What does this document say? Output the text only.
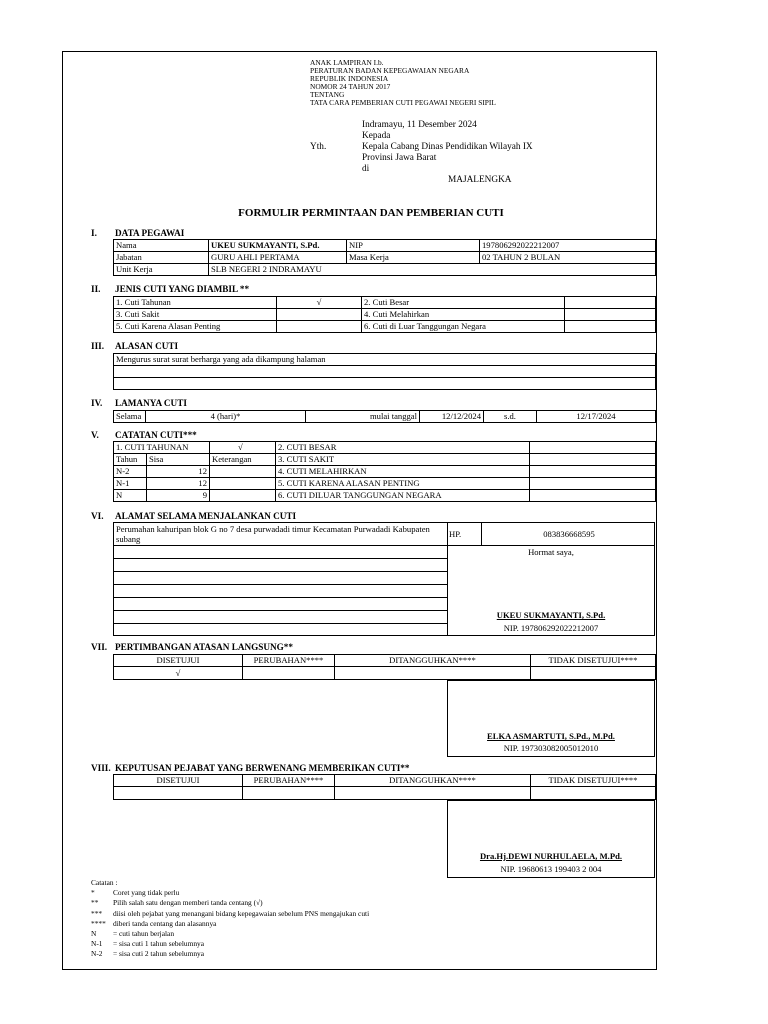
ANAK LAMPIRAN I.b.
PERATURAN BADAN KEPEGAWAIAN NEGARA
REPUBLIK INDONESIA
NOMOR 24 TAHUN 2017
TENTANG
TATA CARA PEMBERIAN CUTI PEGAWAI NEGERI SIPIL
Indramayu, 11 Desember 2024
Kepada
Kepala Cabang Dinas Pendidikan Wilayah IX
Provinsi Jawa Barat
di
Yth.
MAJALENGKA
FORMULIR PERMINTAAN DAN PEMBERIAN CUTI
I. DATA PEGAWAI
Nama	UKEU SUKMAYANTI, S.Pd.	NIP	197806292022212007
Jabatan	GURU AHLI PERTAMA	Masa Kerja	02 TAHUN 2 BULAN
Unit Kerja	SLB NEGERI 2 INDRAMAYU		
II. JENIS CUTI YANG DIAMBIL **
1. Cuti Tahunan	√	2. Cuti Besar	
3. Cuti Sakit		4. Cuti Melahirkan	
5. Cuti Karena Alasan Penting		6. Cuti di Luar Tanggungan Negara	
III. ALASAN CUTI
Mengurus surat surat berharga yang ada dikampung halaman

IV. LAMANYA CUTI
Selama	4 (hari)*	mulai tanggal	12/12/2024	s.d.	12/17/2024
V. CATATAN CUTI***
1. CUTI TAHUNAN		√	2. CUTI BESAR	
Tahun	Sisa	Keterangan	3. CUTI SAKIT	
N-2	12		4. CUTI MELAHIRKAN	
N-1	12		5. CUTI KARENA ALASAN PENTING	
N	9		6. CUTI DILUAR TANGGUNGAN NEGARA	
VI. ALAMAT SELAMA MENJALANKAN CUTI
Perumahan kahuripan blok G no 7 desa purwadadi timur Kecamatan Purwadadi Kabupaten
subang	HP.	083836668595
Hormat saya,
UKEU SUKMAYANTI, S.Pd.
NIP. 197806292022212007
VII. PERTIMBANGAN ATASAN LANGSUNG**
DISETUJUI	PERUBAHAN****	DITANGGUHKAN****	TIDAK DISETUJUI****
√			
ELKA ASMARTUTI, S.Pd., M.Pd.
NIP. 197303082005012010
VIII. KEPUTUSAN PEJABAT YANG BERWENANG MEMBERIKAN CUTI**
DISETUJUI	PERUBAHAN****	DITANGGUHKAN****	TIDAK DISETUJUI****

Dra.Hj.DEWI NURHULAELA, M.Pd.
NIP. 19680613 199403 2 004
Catatan :
* Coret yang tidak perlu
** Pilih salah satu dengan memberi tanda centang (√)
*** diisi oleh pejabat yang menangani bidang kepegawaian sebelum PNS mengajukan cuti
**** diberi tanda centang dan alasannya
N = cuti tahun berjalan
N-1 = sisa cuti 1 tahun sebelumnya
N-2 = sisa cuti 2 tahun sebelumnya
